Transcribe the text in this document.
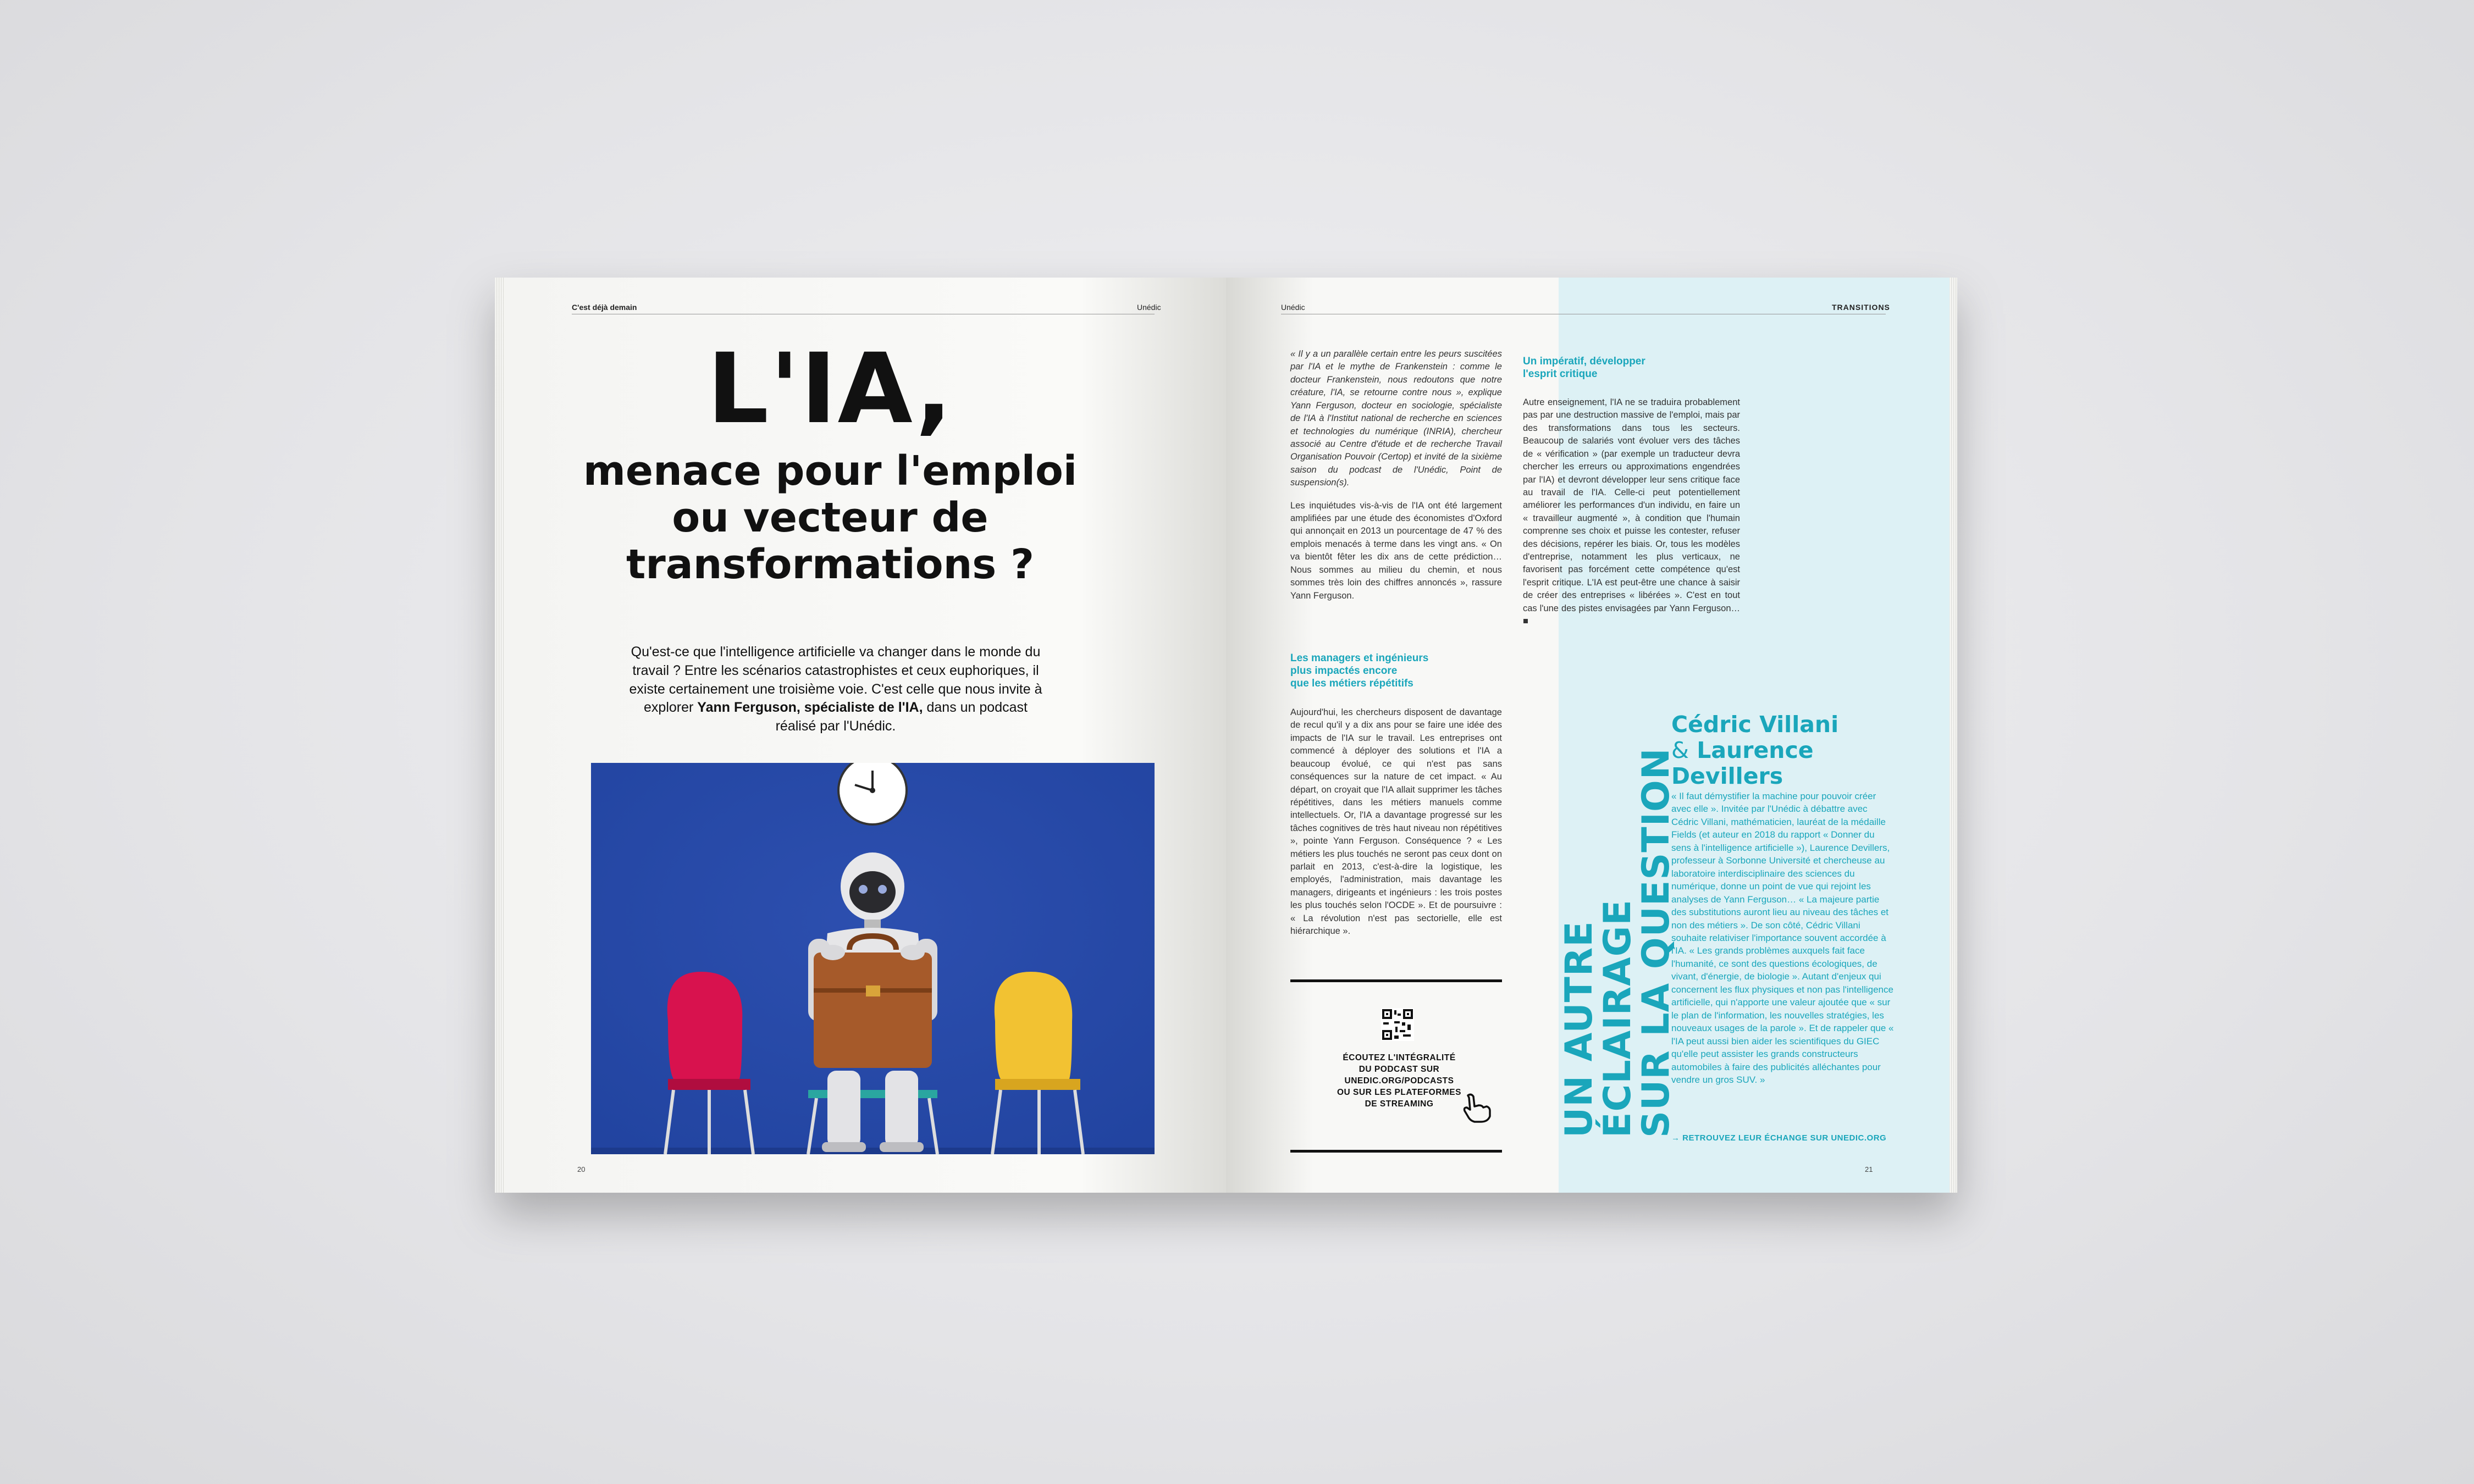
C'est déjà demain	Unédic
L'IA,
menace pour l'emploi
ou vecteur de
transformations ?
Qu'est-ce que l'intelligence artificielle va changer dans le monde du travail ? Entre les scénarios catastrophistes et ceux euphoriques, il existe certainement une troisième voie. C'est celle que nous invite à explorer Yann Ferguson, spécialiste de l'IA, dans un podcast réalisé par l'Unédic.
20
Unédic	TRANSITIONS

« Il y a un parallèle certain entre les peurs suscitées par l'IA et le mythe de Frankenstein : comme le docteur Frankenstein, nous redoutons que notre créature, l'IA, se retourne contre nous », explique Yann Ferguson, docteur en sociologie, spécialiste de l'IA à l'Institut national de recherche en sciences et technologies du numérique (INRIA), chercheur associé au Centre d'étude et de recherche Travail Organisation Pouvoir (Certop) et invité de la sixième saison du podcast de l'Unédic, Point de suspension(s).

Les inquiétudes vis-à-vis de l'IA ont été largement amplifiées par une étude des économistes d'Oxford qui annonçait en 2013 un pourcentage de 47 % des emplois menacés à terme dans les vingt ans. « On va bientôt fêter les dix ans de cette prédiction… Nous sommes au milieu du chemin, et nous sommes très loin des chiffres annoncés », rassure Yann Ferguson.

Les managers et ingénieurs
plus impactés encore
que les métiers répétitifs

Aujourd'hui, les chercheurs disposent de davantage de recul qu'il y a dix ans pour se faire une idée des impacts de l'IA sur le travail. Les entreprises ont commencé à déployer des solutions et l'IA a beaucoup évolué, ce qui n'est pas sans conséquences sur la nature de cet impact. « Au départ, on croyait que l'IA allait supprimer les tâches répétitives, dans les métiers manuels comme intellectuels. Or, l'IA a davantage progressé sur les tâches cognitives de très haut niveau non répétitives », pointe Yann Ferguson. Conséquence ? « Les métiers les plus touchés ne seront pas ceux dont on parlait en 2013, c'est-à-dire la logistique, les employés, l'administration, mais davantage les managers, dirigeants et ingénieurs : les trois postes les plus touchés selon l'OCDE ». Et de poursuivre : « La révolution n'est pas sectorielle, elle est hiérarchique ».

ÉCOUTEZ L'INTÉGRALITÉ
DU PODCAST SUR
UNEDIC.ORG/PODCASTS
OU SUR LES PLATEFORMES
DE STREAMING
Un impératif, développer
l'esprit critique

Autre enseignement, l'IA ne se traduira probablement pas par une destruction massive de l'emploi, mais par des transformations dans tous les secteurs. Beaucoup de salariés vont évoluer vers des tâches de « vérification » (par exemple un traducteur devra chercher les erreurs ou approximations engendrées par l'IA) et devront développer leur sens critique face au travail de l'IA. Celle-ci peut potentiellement améliorer les performances d'un individu, en faire un « travailleur augmenté », à condition que l'humain comprenne ses choix et puisse les contester, refuser des décisions, repérer les biais. Or, tous les modèles d'entreprise, notamment les plus verticaux, ne favorisent pas forcément cette compétence qu'est l'esprit critique. L'IA est peut-être une chance à saisir de créer des entreprises « libérées ». C'est en tout cas l'une des pistes envisagées par Yann Ferguson… ■

UN AUTRE ÉCLAIRAGE
SUR LA QUESTION
Cédric Villani
& Laurence
Devillers

« Il faut démystifier la machine pour pouvoir créer avec elle ». Invitée par l'Unédic à débattre avec Cédric Villani, mathématicien, lauréat de la médaille Fields (et auteur en 2018 du rapport « Donner du sens à l'intelligence artificielle »), Laurence Devillers, professeur à Sorbonne Université et chercheuse au laboratoire interdisciplinaire des sciences du numérique, donne un point de vue qui rejoint les analyses de Yann Ferguson… « La majeure partie des substitutions auront lieu au niveau des tâches et non des métiers ». De son côté, Cédric Villani souhaite relativiser l'importance souvent accordée à l'IA. « Les grands problèmes auxquels fait face l'humanité, ce sont des questions écologiques, de vivant, d'énergie, de biologie ». Autant d'enjeux qui concernent les flux physiques et non pas l'intelligence artificielle, qui n'apporte une valeur ajoutée que « sur le plan de l'information, les nouvelles stratégies, les nouveaux usages de la parole ». Et de rappeler que « l'IA peut aussi bien aider les scientifiques du GIEC qu'elle peut assister les grands constructeurs automobiles à faire des publicités alléchantes pour vendre un gros SUV. »

→ RETROUVEZ LEUR ÉCHANGE SUR UNEDIC.ORG
21
